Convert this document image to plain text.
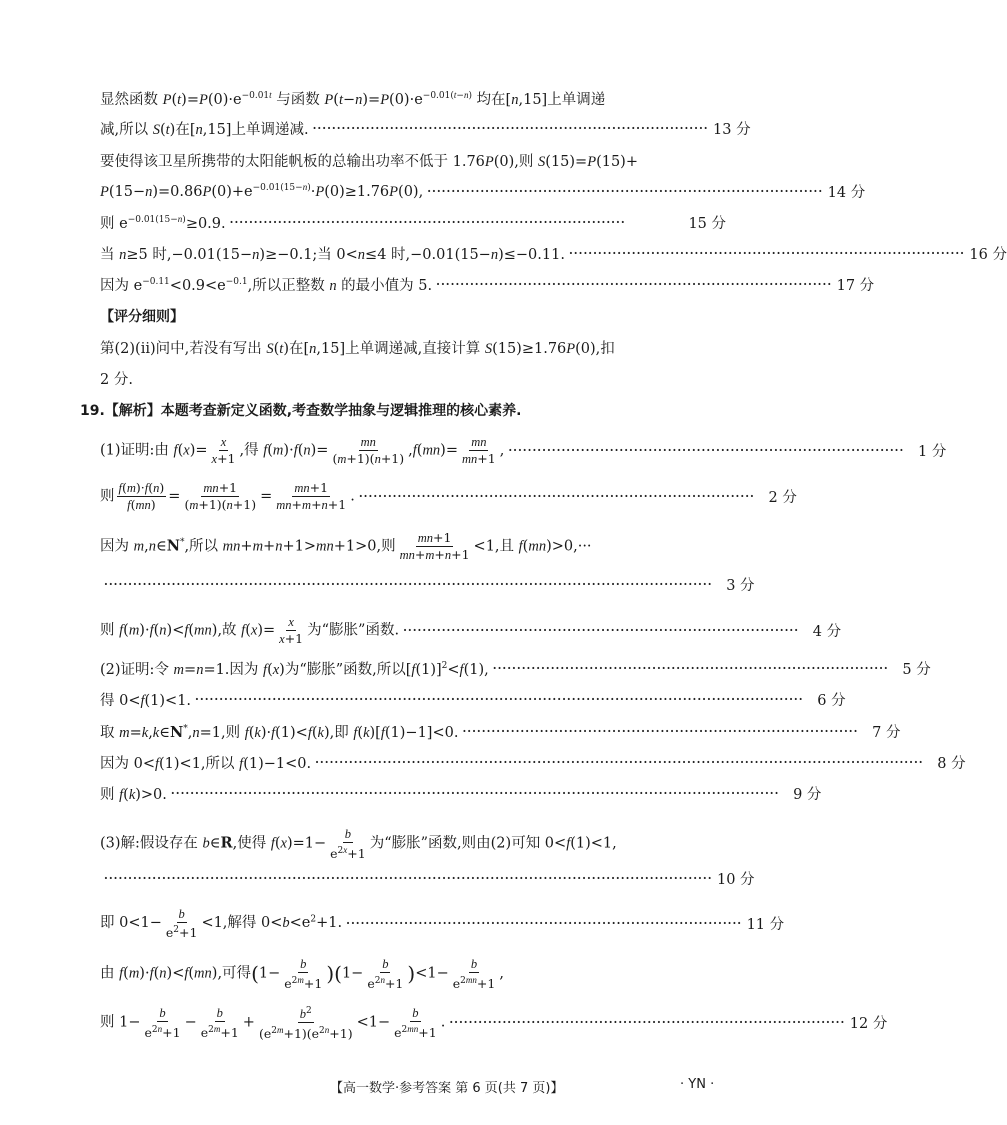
显然函数 $P(t)=P(0)\cdot e^{-0.01t}$ 与函数 $P(t-n)=P(0)\cdot e^{-0.01(t-n)}$ 均在[n,15]上单调递
减,所以 S(t)在[n,15]上单调递减. ·················································································· 13 分
要使得该卫星所携带的太阳能帆板的总输出功率不低于 1.76P(0),则 S(15)=P(15)+
$P(15-n)=0.86P(0)+e^{-0.01(15-n)}\cdot P(0)\ge 1.76P(0)$, ·················································································· 14 分
则 $e^{-0.01(15-n)}\ge 0.9$. ··················································································	15 分
当 n≥5 时,−0.01(15−n)≥−0.1;当 0<n≤4 时,−0.01(15−n)≤−0.11. ·················································································· 16 分
因为 $e^{-0.11}<0.9<e^{-0.1}$,所以正整数 n 的最小值为 5. ·················································································· 17 分
【评分细则】
第(2)(ⅱ)问中,若没有写出 S(t)在[n,15]上单调递减,直接计算 S(15)≥1.76P(0),扣
2 分.
19.【解析】本题考查新定义函数,考查数学抽象与逻辑推理的核心素养.
(1)证明:由 $f(x)= \frac{x}{x+1}$ ,得 $f(m)\cdot f(n)= \frac{mn}{(m+1)(n+1)} ,f(mn)= \frac{mn}{mn+1}$ , ·················································································· 1 分
则 $\frac{f(m)\cdot f(n)}{f(mn)} = \frac{mn+1}{(m+1)(n+1)} = \frac{mn+1}{mn+m+n+1}$ . ·················································································· 2 分
因为 m,n∈N*,所以 mn+m+n+1>mn+1>0,则 $\frac{mn+1}{mn+m+n+1} <1$,且 f(mn)>0,···
······························································································································ 3 分
则 f(m)·f(n)<f(mn),故 $f(x)= \frac{x}{x+1}$ 为“膨胀”函数. ·················································································· 4 分
(2)证明:令 m=n=1.因为 f(x)为“膨胀”函数,所以$[f(1)]^2<f(1)$, ·················································································· 5 分
得 0<f(1)<1. ······························································································································ 6 分
取 m=k,k∈N*,n=1,则 f(k)·f(1)<f(k),即 f(k)[f(1)−1]<0. ·················································································· 7 分
因为 0<f(1)<1,所以 f(1)−1<0. ······························································································································ 8 分
则 f(k)>0. ······························································································································ 9 分
(3)解:假设存在 b∈R,使得 $f(x)=1- \frac{b}{e^{2x}+1}$ 为“膨胀”函数,则由(2)可知 0<f(1)<1,
······························································································································ 10 分
即 $0<1- \frac{b}{e^2+1} <1$,解得 $0<b<e^2+1$. ·················································································· 11 分
由 f(m)·f(n)<f(mn),可得$(1- \frac{b}{e^{2m}+1} )(1- \frac{b}{e^{2n}+1} )<1- \frac{b}{e^{2mn}+1}$ ,
则 $1- \frac{b}{e^{2n}+1} - \frac{b}{e^{2m}+1} + \frac{b^2}{(e^{2m}+1)(e^{2n}+1)} <1- \frac{b}{e^{2mn}+1}$ . ·················································································· 12 分
【高一数学·参考答案 第 6 页(共 7 页)】	· YN ·
